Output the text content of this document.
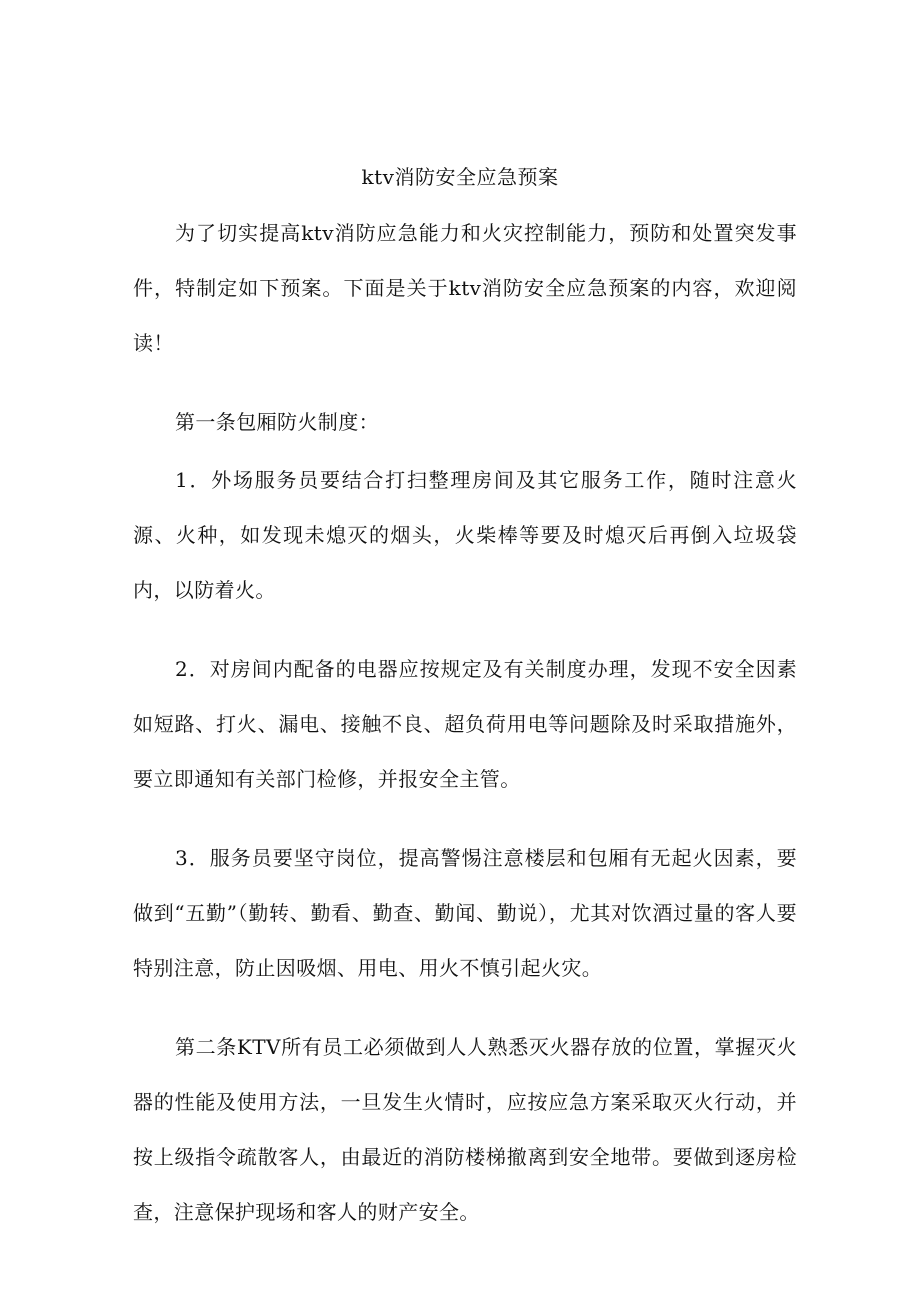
ktv消防安全应急预案

为了切实提高ktv消防应急能力和火灾控制能力，预防和处置突发事件，特制定如下预案。下面是关于ktv消防安全应急预案的内容，欢迎阅读！

第一条包厢防火制度：

1．外场服务员要结合打扫整理房间及其它服务工作，随时注意火源、火种，如发现未熄灭的烟头，火柴棒等要及时熄灭后再倒入垃圾袋内，以防着火。

2．对房间内配备的电器应按规定及有关制度办理，发现不安全因素如短路、打火、漏电、接触不良、超负荷用电等问题除及时采取措施外，要立即通知有关部门检修，并报安全主管。

3．服务员要坚守岗位，提高警惕注意楼层和包厢有无起火因素，要做到“五勤”（勤转、勤看、勤查、勤闻、勤说），尤其对饮酒过量的客人要特别注意，防止因吸烟、用电、用火不慎引起火灾。

第二条KTV所有员工必须做到人人熟悉灭火器存放的位置，掌握灭火器的性能及使用方法，一旦发生火情时，应按应急方案采取灭火行动，并按上级指令疏散客人，由最近的消防楼梯撤离到安全地带。要做到逐房检查，注意保护现场和客人的财产安全。
